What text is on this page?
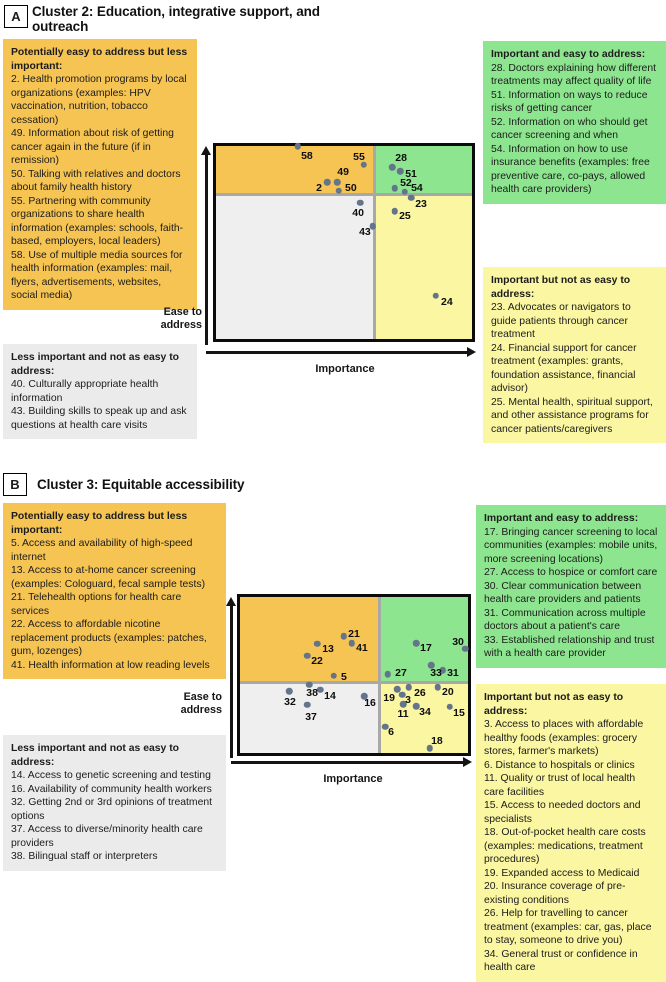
A Cluster 2: Education, integrative support, and outreach
Potentially easy to address but less important:
2. Health promotion programs by local organizations (examples: HPV vaccination, nutrition, tobacco cessation)
49. Information about risk of getting cancer again in the future (if in remission)
50. Talking with relatives and doctors about family health history
55. Partnering with community organizations to share health information (examples: schools, faith-based, employers, local leaders)
58. Use of multiple media sources for health information (examples: mail, flyers, advertisements, websites, social media)
Important and easy to address:
28. Doctors explaining how different treatments may affect quality of life
51. Information on ways to reduce risks of getting cancer
52. Information on who should get cancer screening and when
54. Information on how to use insurance benefits (examples: free preventive care, co-pays, allowed health care providers)
Important but not as easy to address:
23. Advocates or navigators to guide patients through cancer treatment
24. Financial support for cancer treatment (examples: grants, foundation assistance, financial advisor)
25. Mental health, spiritual support, and other assistance programs for cancer patients/caregivers
Less important and not as easy to address:
40. Culturally appropriate health information
43. Building skills to speak up and ask questions at health care visits
Ease to address
Importance
58	55	28
49
2 50
51
52 54
23
25
40
43
24
B	Cluster 3: Equitable accessibility
Potentially easy to address but less important:
5. Access and availability of high-speed internet
13. Access to at-home cancer screening (examples: Cologuard, fecal sample tests)
21. Telehealth options for health care services
22. Access to affordable nicotine replacement products (examples: patches, gum, lozenges)
41. Health information at low reading levels
Important and easy to address:
17. Bringing cancer screening to local communities (examples: mobile units, more screening locations)
27. Access to hospice or comfort care
30. Clear communication between health care providers and patients
31. Communication across multiple doctors about a patient's care
33. Established relationship and trust with a health care provider
Important but not as easy to address:
3. Access to places with affordable healthy foods (examples: grocery stores, farmer's markets)
6. Distance to hospitals or clinics
11. Quality or trust of local health care facilities
15. Access to needed doctors and specialists
18. Out-of-pocket health care costs (examples: medications, treatment procedures)
19. Expanded access to Medicaid
20. Insurance coverage of pre-existing conditions
26. Help for travelling to cancer treatment (examples: car, gas, place to stay, someone to drive you)
34. General trust or confidence in health care
Less important and not as easy to address:
14. Access to genetic screening and testing
16. Availability of community health workers
32. Getting 2nd or 3rd opinions of treatment options
37. Access to diverse/minority health care providers
38. Bilingual staff or interpreters
Ease to address
Importance
21
41
13
22
5
17
30
27 33 31
38 14
32
37
16 19 3
26 20
11 34 15
6
18
